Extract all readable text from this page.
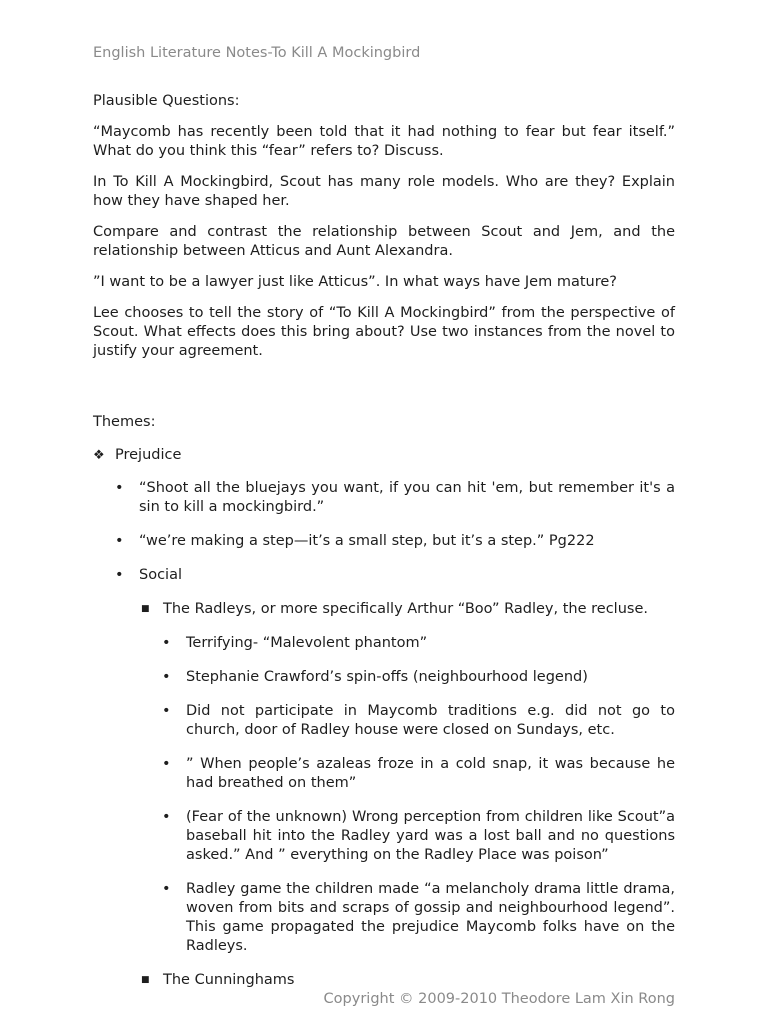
English Literature Notes-To Kill A Mockingbird

Plausible Questions:

“Maycomb has recently been told that it had nothing to fear but fear itself.” What do you think this “fear” refers to? Discuss.

In To Kill A Mockingbird, Scout has many role models. Who are they? Explain how they have shaped her.

Compare and contrast the relationship between Scout and Jem, and the relationship between Atticus and Aunt Alexandra.

”I want to be a lawyer just like Atticus”. In what ways have Jem mature?

Lee chooses to tell the story of “To Kill A Mockingbird” from the perspective of Scout. What effects does this bring about? Use two instances from the novel to justify your agreement.

Themes:

❖ Prejudice
• “Shoot all the bluejays you want, if you can hit 'em, but remember it's a sin to kill a mockingbird.”
• “we’re making a step—it’s a small step, but it’s a step.” Pg222
• Social
■ The Radleys, or more specifically Arthur “Boo” Radley, the recluse.
• Terrifying- “Malevolent phantom”
• Stephanie Crawford’s spin-offs (neighbourhood legend)
• Did not participate in Maycomb traditions e.g. did not go to church, door of Radley house were closed on Sundays, etc.
• ” When people’s azaleas froze in a cold snap, it was because he had breathed on them”
• (Fear of the unknown) Wrong perception from children like Scout”a baseball hit into the Radley yard was a lost ball and no questions asked.” And ” everything on the Radley Place was poison”
• Radley game the children made “a melancholy drama little drama, woven from bits and scraps of gossip and neighbourhood legend”. This game propagated the prejudice Maycomb folks have on the Radleys.
■ The Cunninghams
Copyright © 2009-2010 Theodore Lam Xin Rong
